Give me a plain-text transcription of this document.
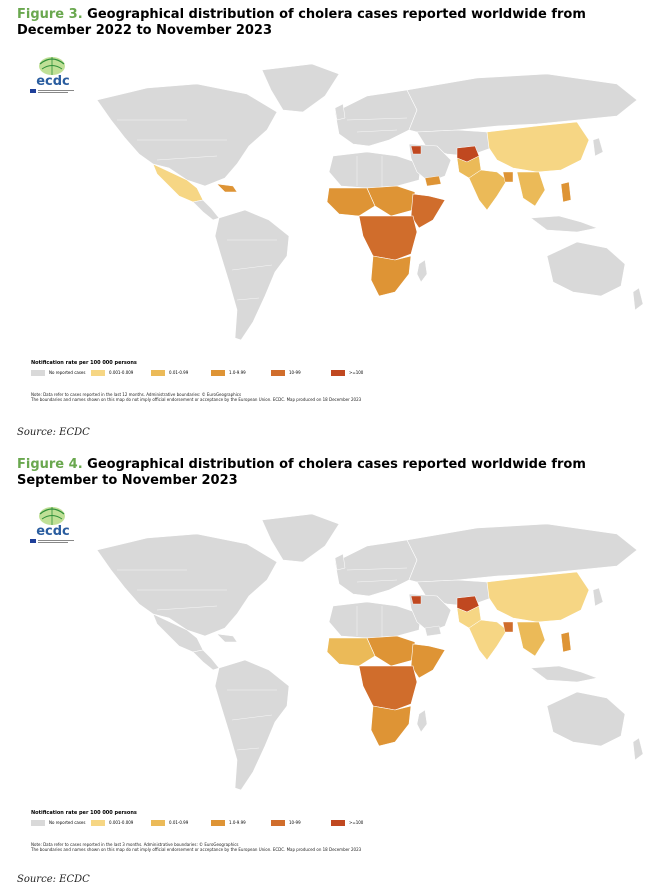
Figure 3. Geographical distribution of cholera cases reported worldwide from December 2022 to November 2023
ecdc
Notification rate per 100 000 persons
No reported cases	0.001-0.009	0.01-0.99	1.0-9.99	10-99	>=100
Note: Data refer to cases reported in the last 12 months. Administrative boundaries: © EuroGeographics
The boundaries and names shown on this map do not imply official endorsement or acceptance by the European Union. ECDC. Map produced on 18 December 2023
Source: ECDC
Figure 4. Geographical distribution of cholera cases reported worldwide from September to November 2023
ecdc
Notification rate per 100 000 persons
No reported cases	0.001-0.009	0.01-0.99	1.0-9.99	10-99	>=100
Note: Data refer to cases reported in the last 3 months. Administrative boundaries: © EuroGeographics
The boundaries and names shown on this map do not imply official endorsement or acceptance by the European Union. ECDC. Map produced on 18 December 2023
Source: ECDC
